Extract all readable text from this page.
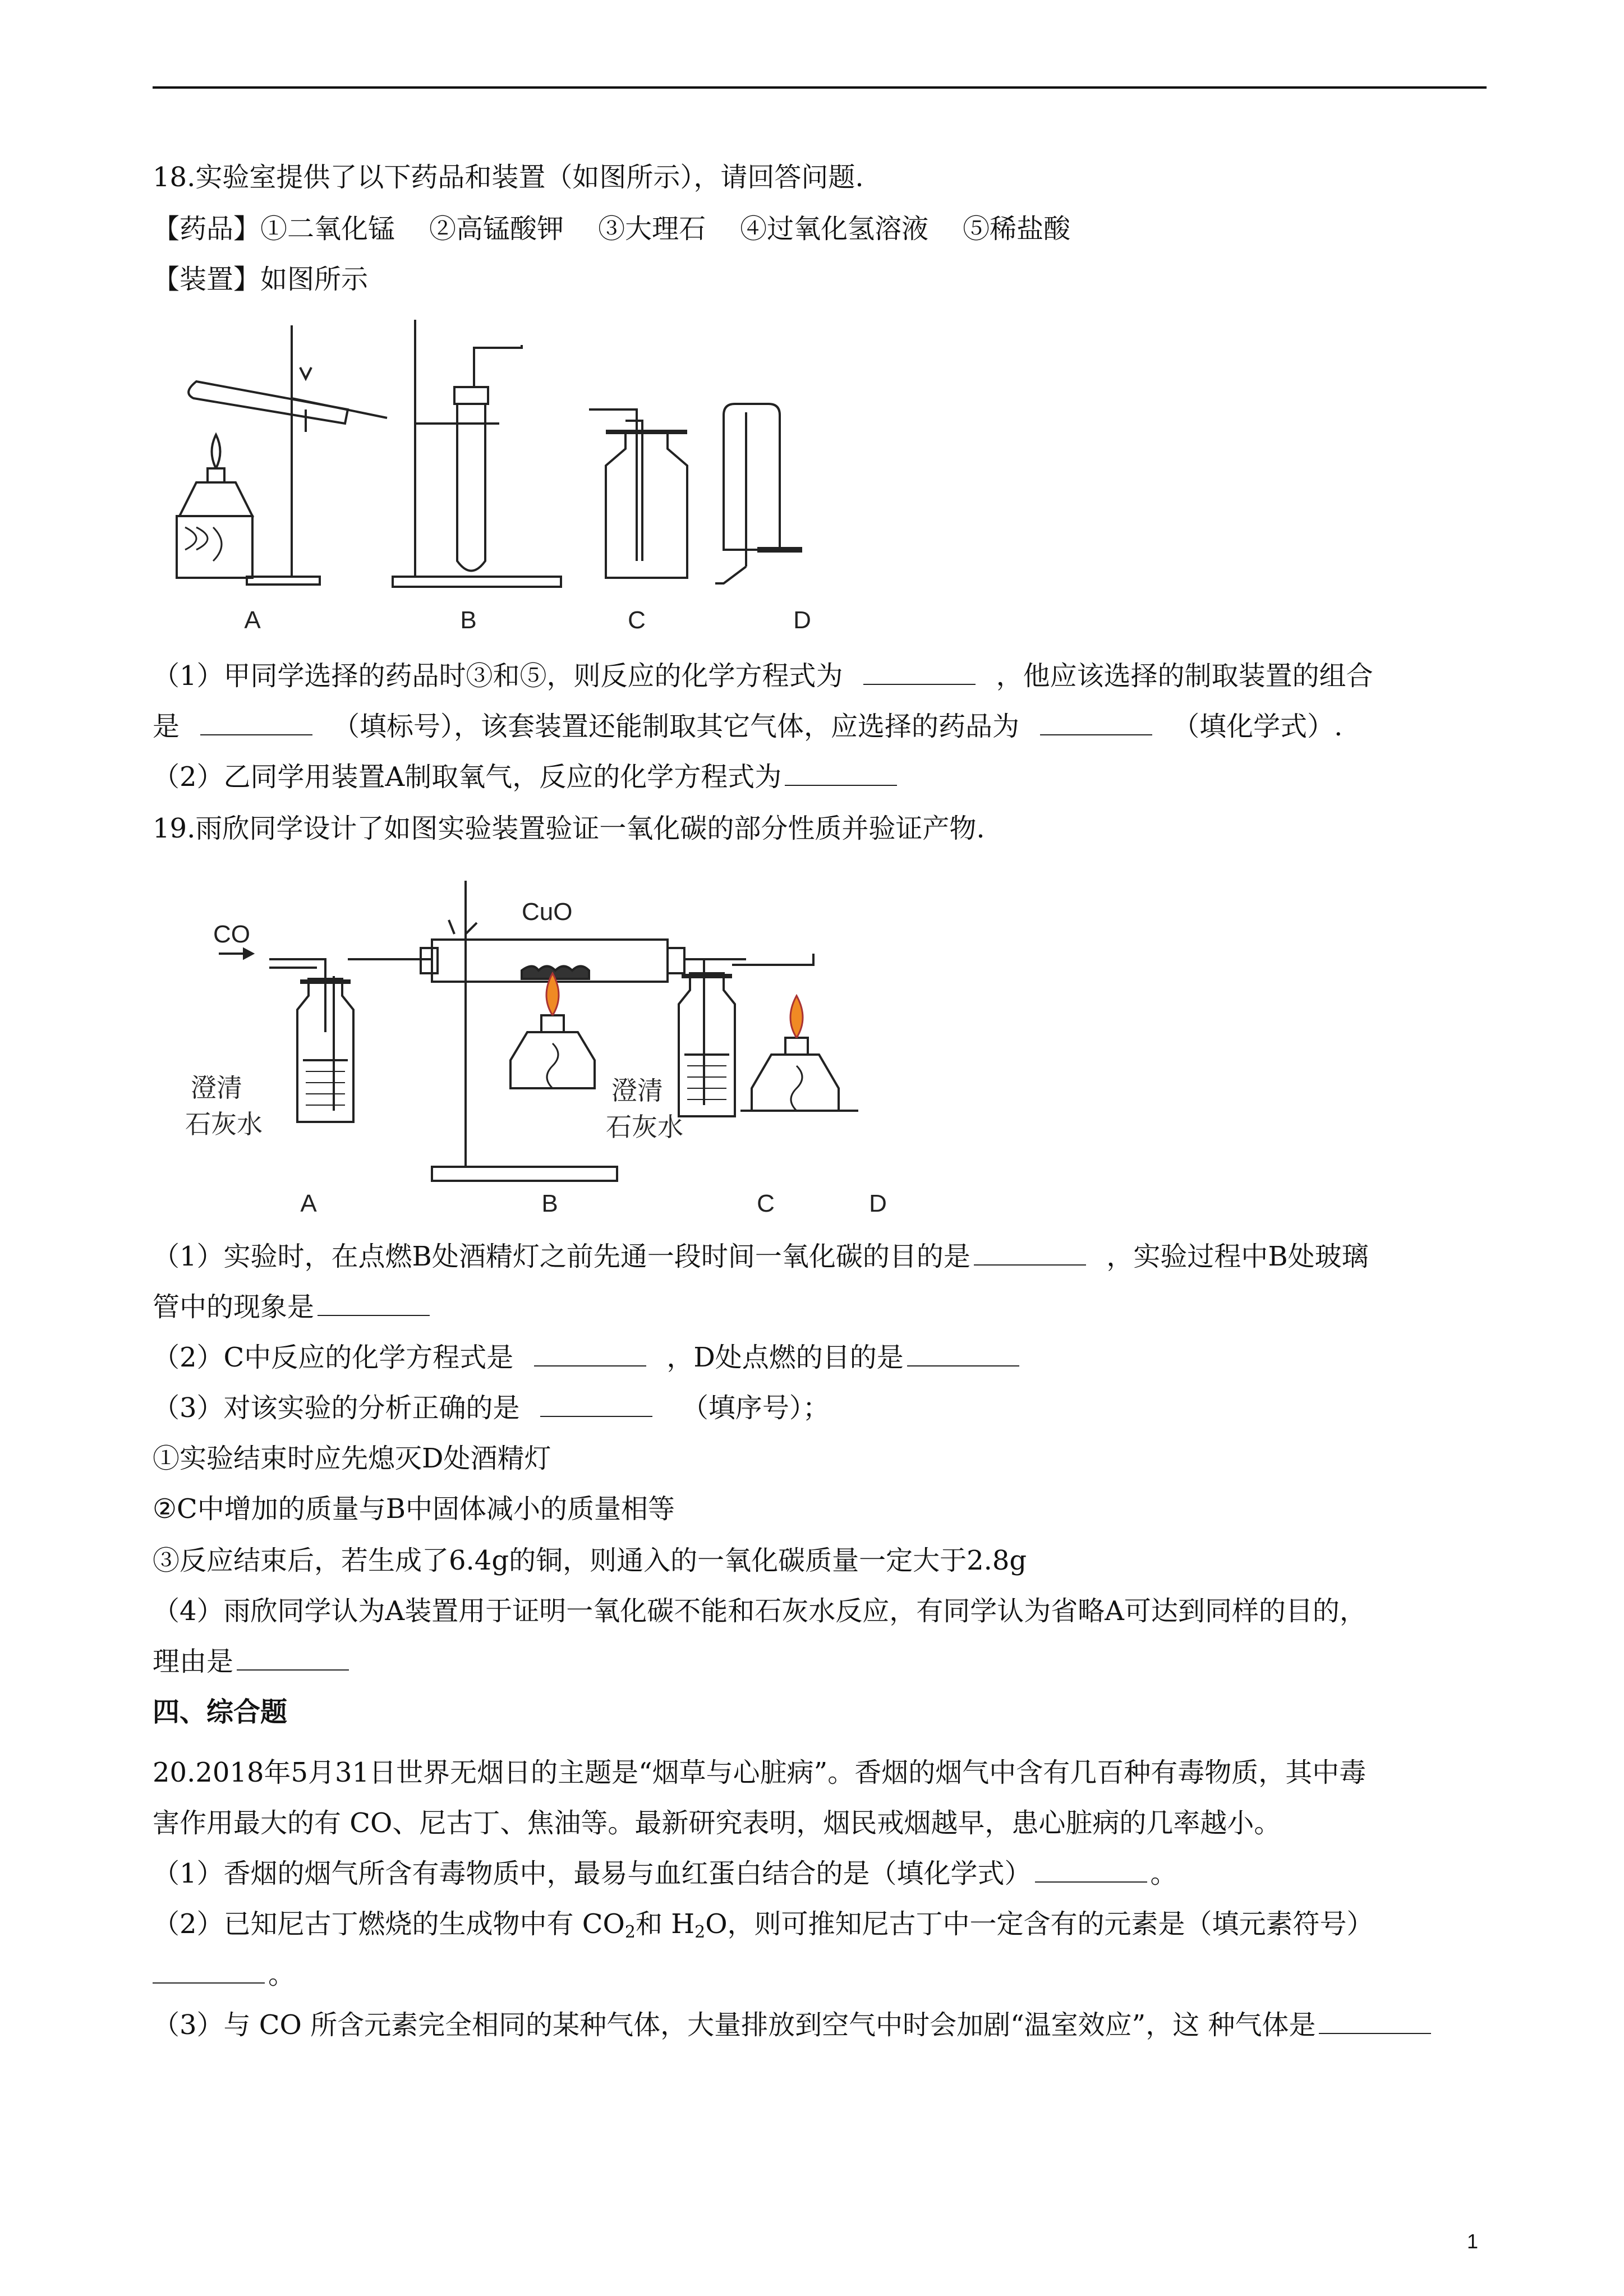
18.实验室提供了以下药品和装置（如图所示），请回答问题.
【药品】①二氧化锰    ②高锰酸钾    ③大理石    ④过氧化氢溶液    ⑤稀盐酸
【装置】如图所示
A	B	C	D
（1）甲同学选择的药品时③和⑤，则反应的化学方程式为	，他应该选择的制取装置的组合
是	（填标号），该套装置还能制取其它气体，应选择的药品为	（填化学式）.
（2）乙同学用装置A制取氧气，反应的化学方程式为
19.雨欣同学设计了如图实验装置验证一氧化碳的部分性质并验证产物.
CO
CuO
澄清
石灰水
澄清
石灰水
A	B	C	D
（1）实验时，在点燃B处酒精灯之前先通一段时间一氧化碳的目的是	，实验过程中B处玻璃
管中的现象是
（2）C中反应的化学方程式是	，D处点燃的目的是
（3）对该实验的分析正确的是	（填序号）；
①实验结束时应先熄灭D处酒精灯
②C中增加的质量与B中固体减小的质量相等
③反应结束后，若生成了6.4g的铜，则通入的一氧化碳质量一定大于2.8g
（4）雨欣同学认为A装置用于证明一氧化碳不能和石灰水反应，有同学认为省略A可达到同样的目的，
理由是
四、综合题
20.2018年5月31日世界无烟日的主题是“烟草与心脏病”。香烟的烟气中含有几百种有毒物质，其中毒
害作用最大的有 CO、尼古丁、焦油等。最新研究表明，烟民戒烟越早，患心脏病的几率越小。
（1）香烟的烟气所含有毒物质中，最易与血红蛋白结合的是（填化学式）	。
（2）已知尼古丁燃烧的生成物中有 $CO_2$和 $H_2O$，则可推知尼古丁中一定含有的元素是（填元素符号）
。
（3）与 CO 所含元素完全相同的某种气体，大量排放到空气中时会加剧“温室效应”，这 种气体是
1
